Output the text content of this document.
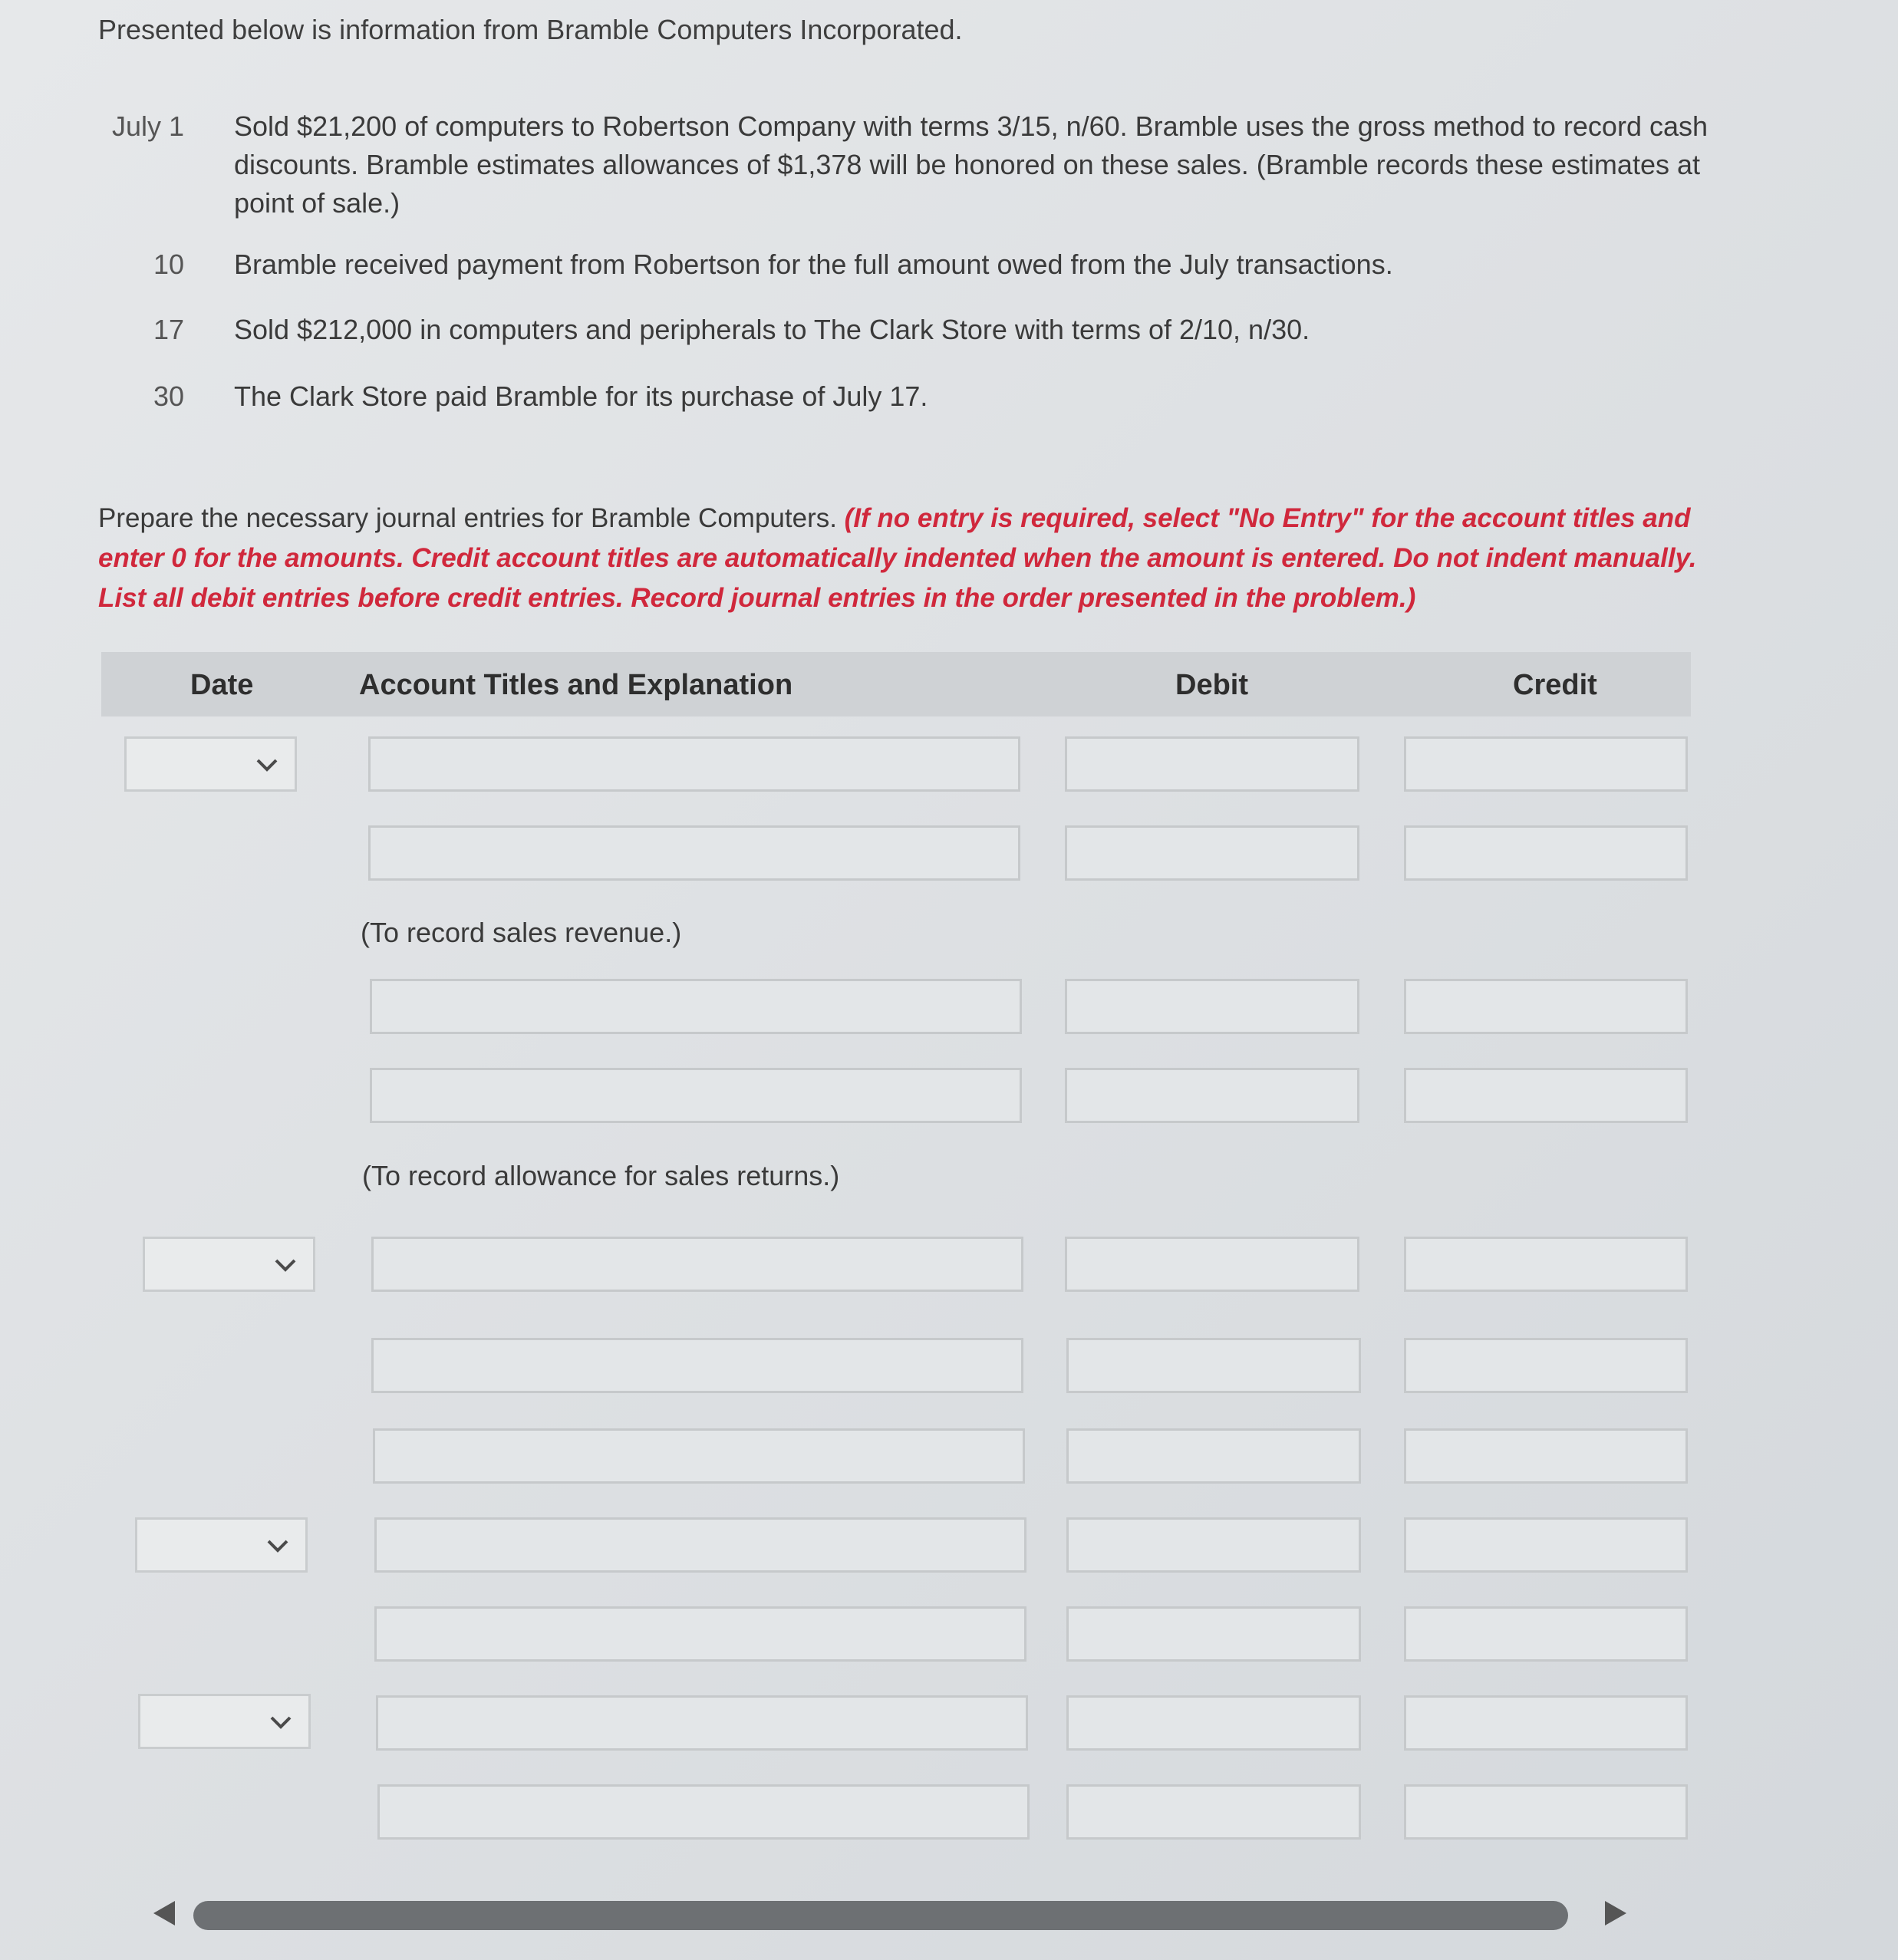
Presented below is information from Bramble Computers Incorporated.
July 1 Sold $21,200 of computers to Robertson Company with terms 3/15, n/60. Bramble uses the gross method to record cash discounts. Bramble estimates allowances of $1,378 will be honored on these sales. (Bramble records these estimates at point of sale.)
10 Bramble received payment from Robertson for the full amount owed from the July transactions.
17 Sold $212,000 in computers and peripherals to The Clark Store with terms of 2/10, n/30.
30 The Clark Store paid Bramble for its purchase of July 17.
Prepare the necessary journal entries for Bramble Computers. (If no entry is required, select "No Entry" for the account titles and enter 0 for the amounts. Credit account titles are automatically indented when the amount is entered. Do not indent manually. List all debit entries before credit entries. Record journal entries in the order presented in the problem.)
Date	Account Titles and Explanation	Debit	Credit
(To record sales revenue.)
(To record allowance for sales returns.)
